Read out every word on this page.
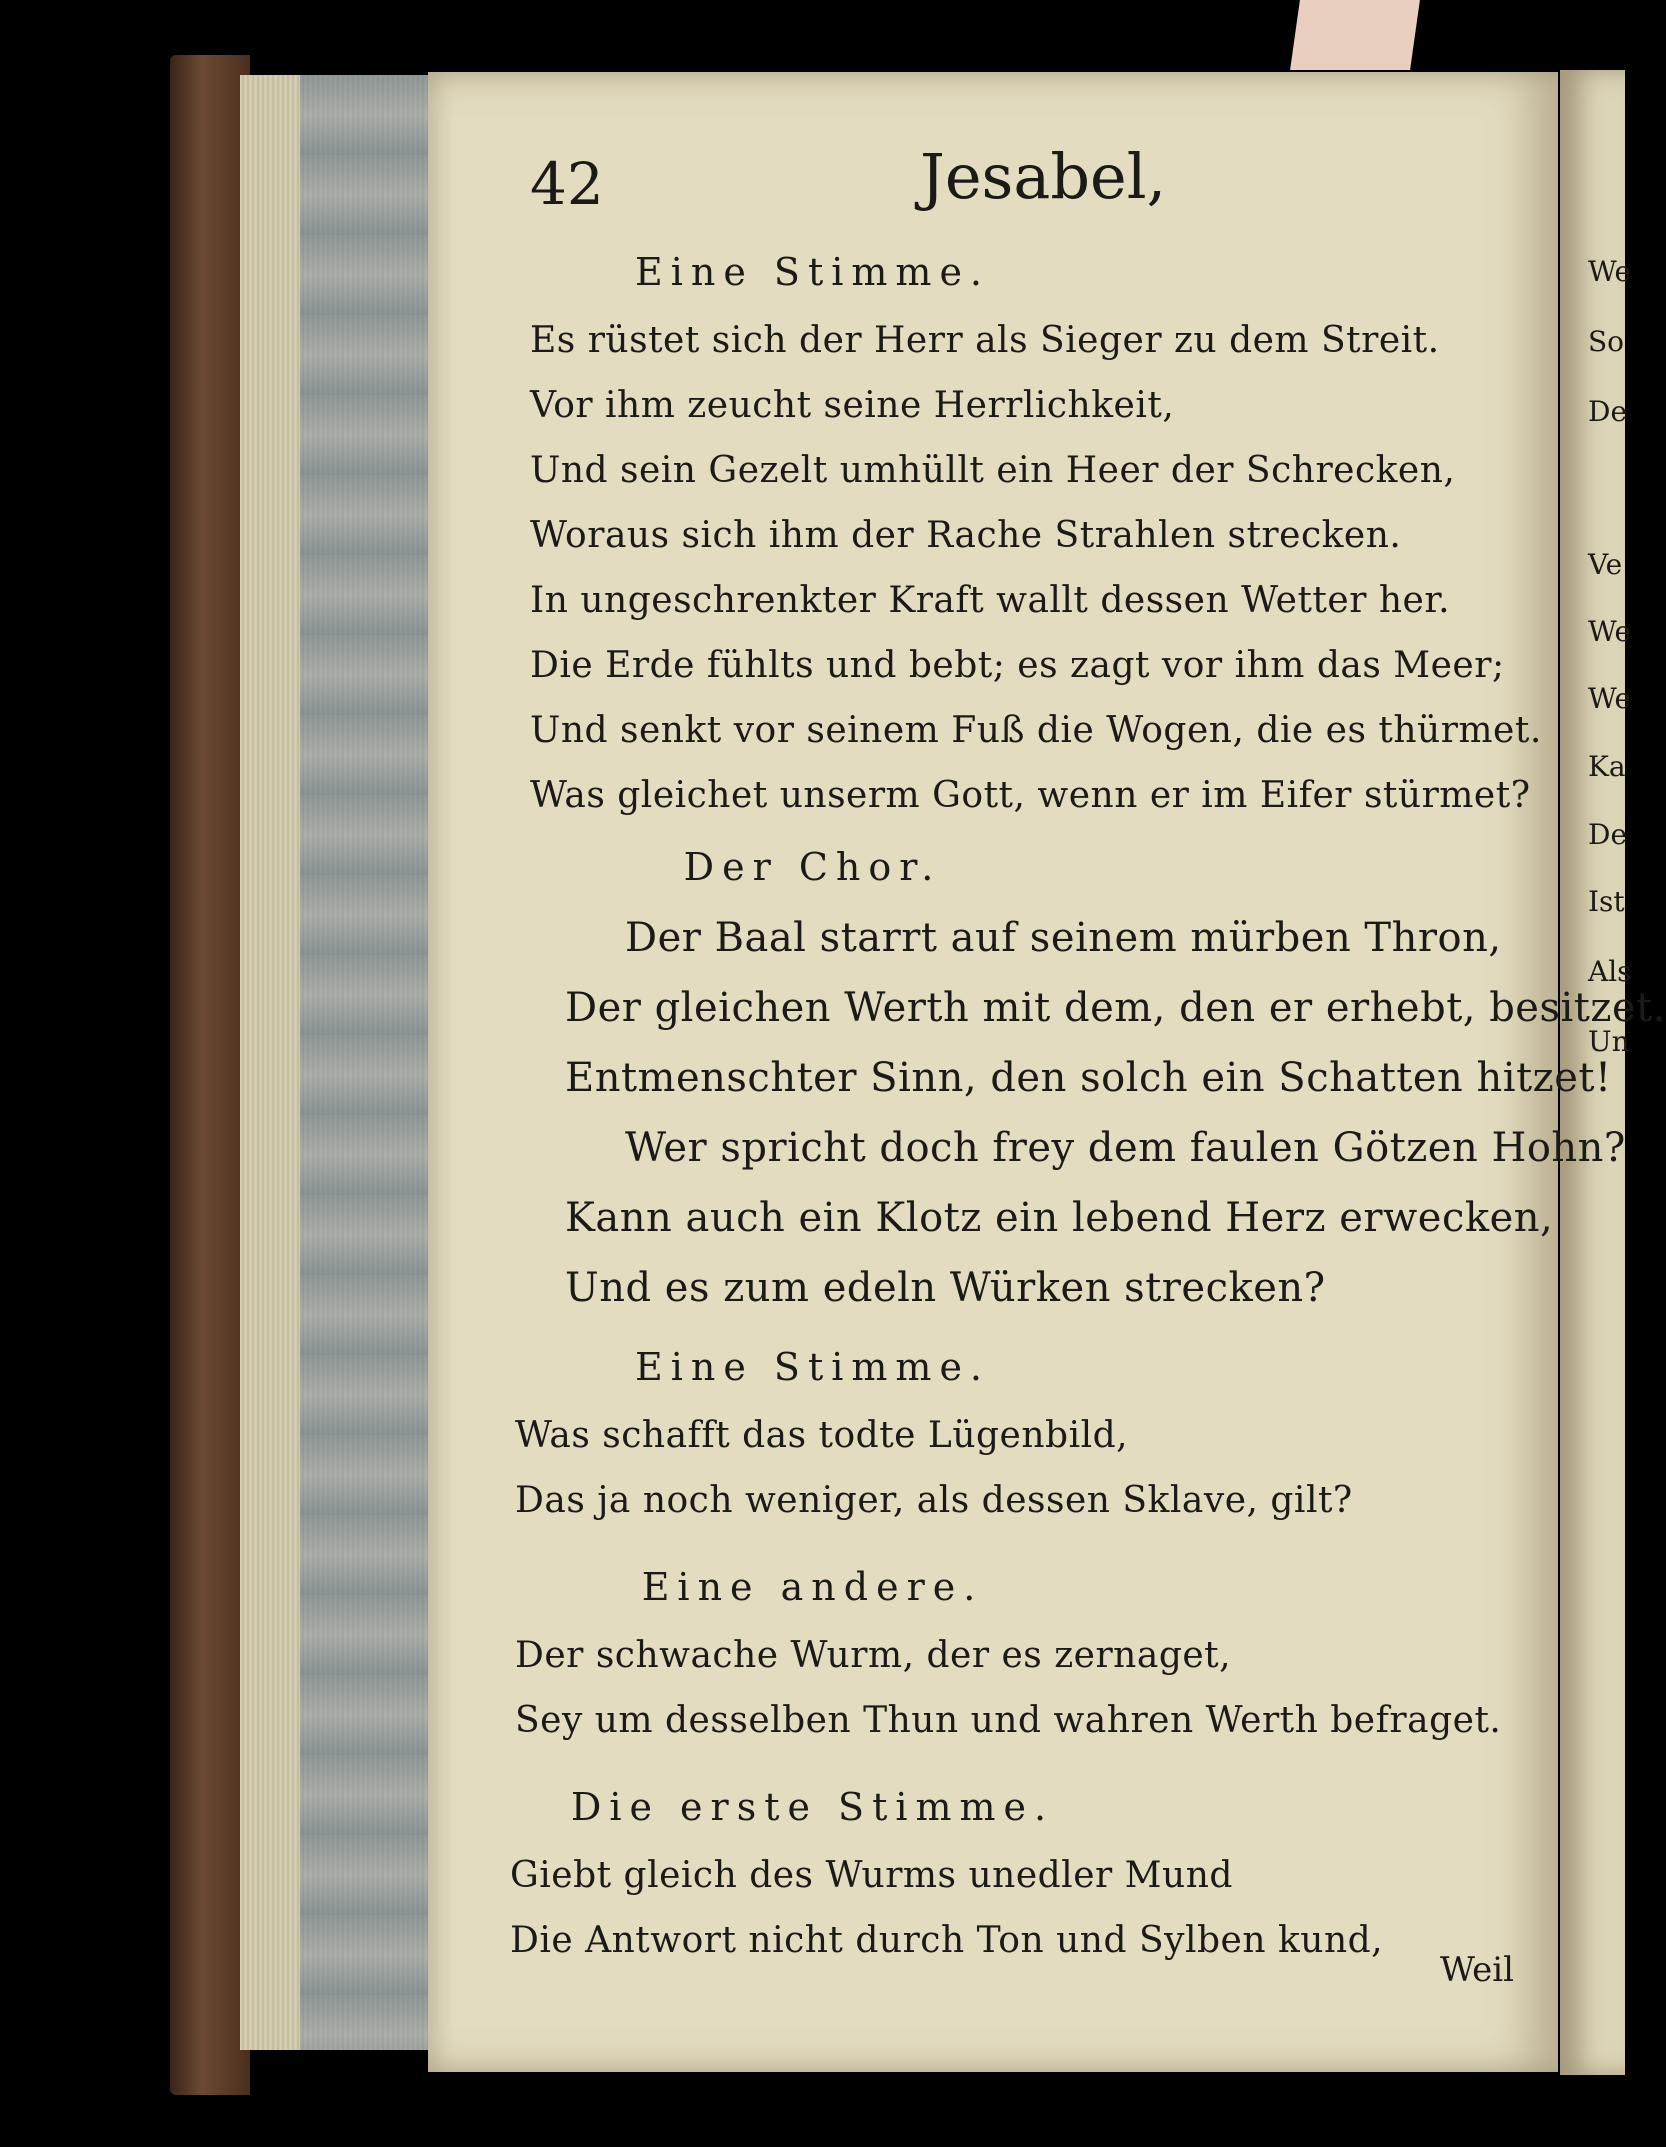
We
So
De
Ve
We
We
Ka
De
Ist
Als
Un
42	Jesabel,
Eine Stimme.
Es rüstet sich der Herr als Sieger zu dem Streit.
Vor ihm zeucht seine Herrlichkeit,
Und sein Gezelt umhüllt ein Heer der Schrecken,
Woraus sich ihm der Rache Strahlen strecken.
In ungeschrenkter Kraft wallt dessen Wetter her.
Die Erde fühlts und bebt; es zagt vor ihm das Meer;
Und senkt vor seinem Fuß die Wogen, die es thürmet.
Was gleichet unserm Gott, wenn er im Eifer stürmet?
Der Chor.
Der Baal starrt auf seinem mürben Thron,
Der gleichen Werth mit dem, den er erhebt, besitzet.
Entmenschter Sinn, den solch ein Schatten hitzet!
Wer spricht doch frey dem faulen Götzen Hohn?
Kann auch ein Klotz ein lebend Herz erwecken,
Und es zum edeln Würken strecken?
Eine Stimme.
Was schafft das todte Lügenbild,
Das ja noch weniger, als dessen Sklave, gilt?
Eine andere.
Der schwache Wurm, der es zernaget,
Sey um desselben Thun und wahren Werth befraget.
Die erste Stimme.
Giebt gleich des Wurms unedler Mund
Die Antwort nicht durch Ton und Sylben kund,
Weil
